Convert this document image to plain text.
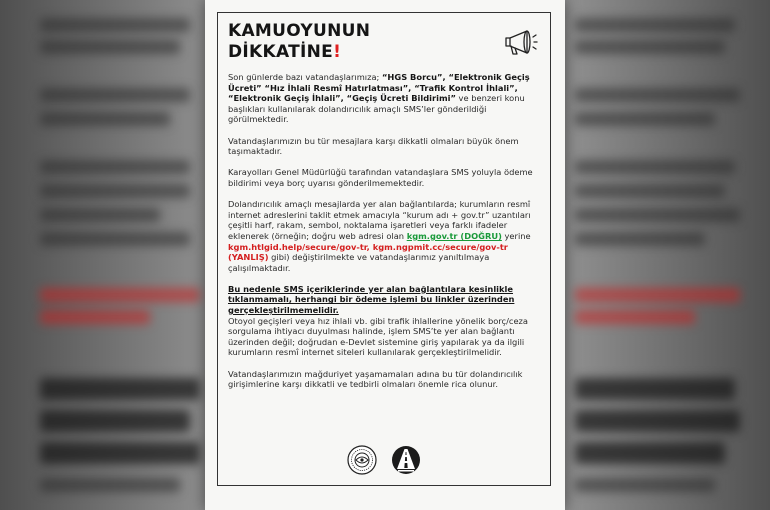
KAMUOYUNUN
DİKKATİNE!

Son günlerde bazı vatandaşlarımıza; “HGS Borcu”, “Elektronik Geçiş Ücreti” “Hız İhlali Resmî Hatırlatması”, “Trafik Kontrol İhlali”, “Elektronik Geçiş İhlali”, “Geçiş Ücreti Bildirimi” ve benzeri konu başlıkları kullanılarak dolandırıcılık amaçlı SMS’ler gönderildiği görülmektedir.

Vatandaşlarımızın bu tür mesajlara karşı dikkatli olmaları büyük önem taşımaktadır.

Karayolları Genel Müdürlüğü tarafından vatandaşlara SMS yoluyla ödeme bildirimi veya borç uyarısı gönderilmemektedir.

Dolandırıcılık amaçlı mesajlarda yer alan bağlantılarda; kurumların resmî internet adreslerini taklit etmek amacıyla “kurum adı + gov.tr” uzantıları çeşitli harf, rakam, sembol, noktalama işaretleri veya farklı ifadeler eklenerek (örneğin; doğru web adresi olan kgm.gov.tr (DOĞRU) yerine kgm.htlgid.help/secure/gov-tr, kgm.ngpmit.cc/secure/gov-tr (YANLIŞ) gibi) değiştirilmekte ve vatandaşlarımız yanıltılmaya çalışılmaktadır.

Bu nedenle SMS içeriklerinde yer alan bağlantılara kesinlikle tıklanmamalı, herhangi bir ödeme işlemi bu linkler üzerinden gerçekleştirilmemelidir.
Otoyol geçişleri veya hız ihlali vb. gibi trafik ihlallerine yönelik borç/ceza sorgulama ihtiyacı duyulması halinde, işlem SMS’te yer alan bağlantı üzerinden değil; doğrudan e-Devlet sistemine giriş yapılarak ya da ilgili kurumların resmî internet siteleri kullanılarak gerçekleştirilmelidir.

Vatandaşlarımızın mağduriyet yaşamamaları adına bu tür dolandırıcılık girişimlerine karşı dikkatli ve tedbirli olmaları önemle rica olunur.
